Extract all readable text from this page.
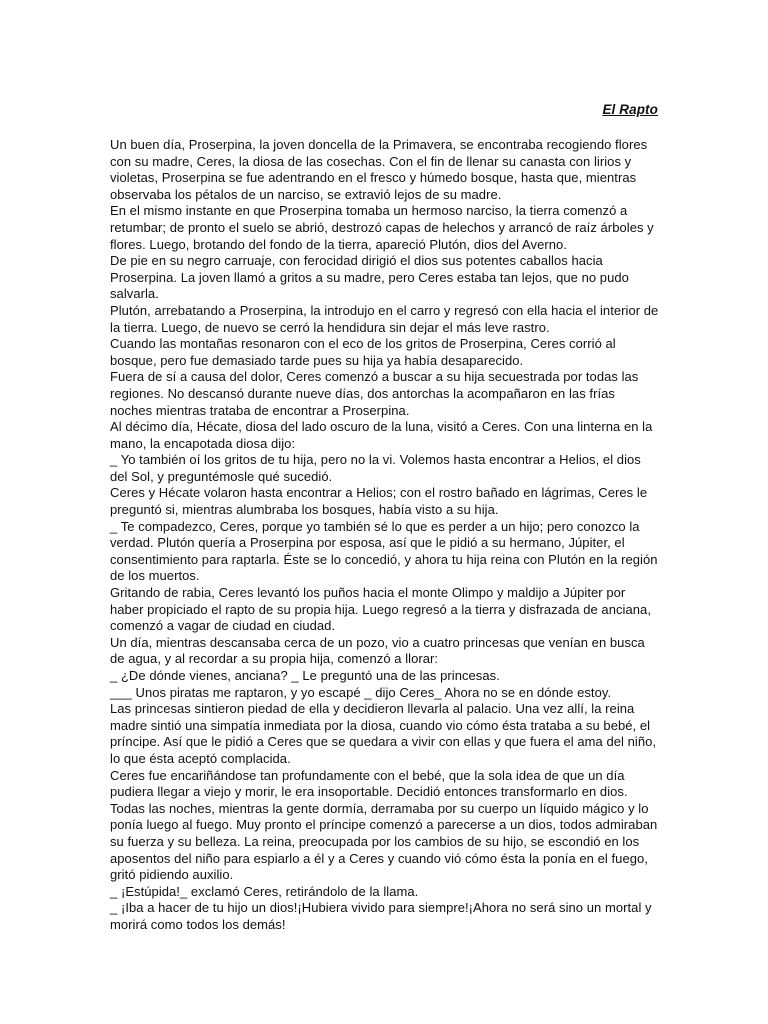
El Rapto

Un buen día, Proserpina, la joven doncella de la Primavera, se encontraba recogiendo flores con su madre, Ceres, la diosa de las cosechas. Con el fin de llenar su canasta con lirios y violetas, Proserpina se fue adentrando en el fresco y húmedo bosque, hasta que, mientras observaba los pétalos de un narciso, se extravió lejos de su madre.

En el mismo instante en que Proserpina tomaba un hermoso narciso, la tierra comenzó a retumbar; de pronto el suelo se abrió, destrozó capas de helechos y arrancó de raíz árboles y flores. Luego, brotando del fondo de la tierra, apareció Plutón, dios del Averno.

De pie en su negro carruaje, con ferocidad dirigió el dios sus potentes caballos hacia Proserpina. La joven llamó a gritos a su madre, pero Ceres estaba tan lejos, que no pudo salvarla.

Plutón, arrebatando a Proserpina, la introdujo en el carro y regresó con ella hacia el interior de la tierra. Luego, de nuevo se cerró la hendidura sin dejar el más leve rastro.

Cuando las montañas resonaron con el eco de los gritos de Proserpina, Ceres corrió al bosque, pero fue demasiado tarde pues su hija ya había desaparecido.

Fuera de sí a causa del dolor, Ceres comenzó a buscar a su hija secuestrada por todas las regiones. No descansó durante nueve días, dos antorchas la acompañaron en las frías noches mientras trataba de encontrar a Proserpina.

Al décimo día, Hécate, diosa del lado oscuro de la luna, visitó a Ceres. Con una linterna en la mano, la encapotada diosa dijo:

_ Yo también oí los gritos de tu hija, pero no la vi. Volemos hasta encontrar a Helios, el dios del Sol, y preguntémosle qué sucedió.

Ceres y Hécate volaron hasta encontrar a Helios; con el rostro bañado en lágrimas, Ceres le preguntó si, mientras alumbraba los bosques, había visto a su hija.

_ Te compadezco, Ceres, porque yo también sé lo que es perder a un hijo; pero conozco la verdad. Plutón quería a Proserpina por esposa, así que le pidió a su hermano, Júpiter, el consentimiento para raptarla. Éste se lo concedió, y ahora tu hija reina con Plutón en la región de los muertos.

Gritando de rabia, Ceres levantó los puños hacia el monte Olimpo y maldijo a Júpiter por haber propiciado el rapto de su propia hija. Luego regresó a la tierra y disfrazada de anciana, comenzó a vagar de ciudad en ciudad.

Un día, mientras descansaba cerca de un pozo, vio a cuatro princesas que venían en busca de agua, y al recordar a su propia hija, comenzó a llorar:

_ ¿De dónde vienes, anciana? _ Le preguntó una de las princesas.

___ Unos piratas me raptaron, y yo escapé _ dijo Ceres_ Ahora no se en dónde estoy.

Las princesas sintieron piedad de ella y decidieron llevarla al palacio. Una vez allí, la reina madre sintió una simpatía inmediata por la diosa, cuando vio cómo ésta trataba a su bebé, el príncipe. Así que le pidió a Ceres que se quedara a vivir con ellas y que fuera el ama del niño, lo que ésta aceptó complacida.

Ceres fue encariñándose tan profundamente con el bebé, que la sola idea de que un día pudiera llegar a viejo y morir, le era insoportable. Decidió entonces transformarlo en dios. Todas las noches, mientras la gente dormía, derramaba por su cuerpo un líquido mágico y lo ponía luego al fuego. Muy pronto el príncipe comenzó a parecerse a un dios, todos admiraban su fuerza y su belleza. La reina, preocupada por los cambios de su hijo, se escondió en los aposentos del niño para espiarlo a él y a Ceres y cuando vió cómo ésta la ponía en el fuego, gritó pidiendo auxilio.

_ ¡Estúpida!_ exclamó Ceres, retirándolo de la llama.

_ ¡Iba a hacer de tu hijo un dios!¡Hubiera vivido para siempre!¡Ahora no será sino un mortal y morirá como todos los demás!
